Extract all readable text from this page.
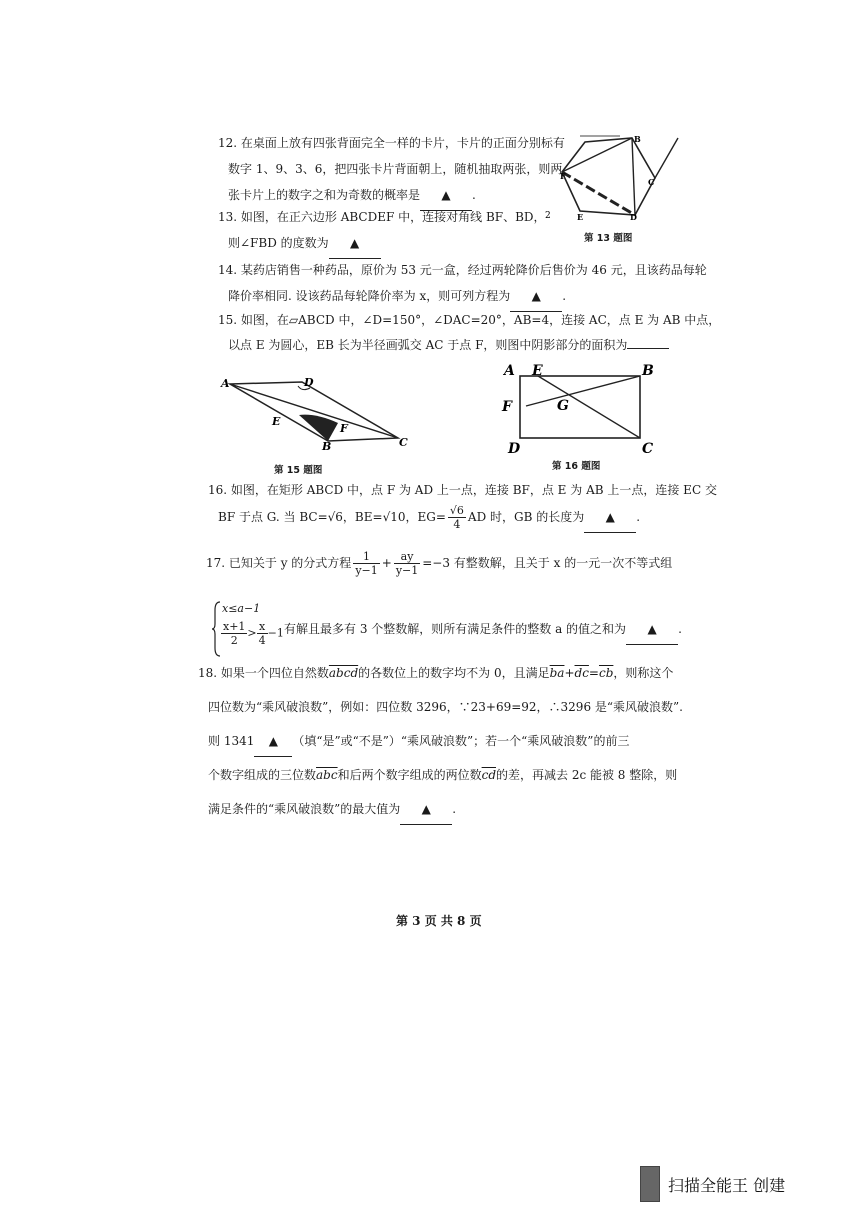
12. 在桌面上放有四张背面完全一样的卡片，卡片的正面分别标有
数字 1、9、3、6，把四张卡片背面朝上，随机抽取两张，则两
张卡片上的数字之和为奇数的概率是 ▲ .
B
F
C
E	D
2
第 13 题图
13. 如图，在正六边形 ABCDEF 中，连接对角线 BF、BD，
则∠FBD 的度数为 ▲
14. 某药店销售一种药品，原价为 53 元一盒，经过两轮降价后售价为 46 元，且该药品每轮
降价率相同. 设该药品每轮降价率为 x，则可列方程为 ▲ .
15. 如图，在▱ABCD 中，∠D=150°，∠DAC=20°，AB=4，连接 AC，点 E 为 AB 中点，
以点 E 为圆心，EB 长为半径画弧交 AC 于点 F，则图中阴影部分的面积为
A	D
E
F
B	C
第 15 题图
A E	B
F	G
D	C
第 16 题图
16. 如图，在矩形 ABCD 中，点 F 为 AD 上一点，连接 BF，点 E 为 AB 上一点，连接 EC 交
BF 于点 G. 当 BC=√6，BE=√10，$EG= \frac{√6}{4}$ AD 时，GB 的长度为 ▲ .
17. 已知关于 y 的分式方程 $\frac{1}{y-1} + \frac{ay}{y-1} =-3$ 有整数解，且关于 x 的一元一次不等式组
x≤a−1
$\frac{x+1}{2} > \frac{x}{4} -1$ 有解且最多有 3 个整数解，则所有满足条件的整数 a 的值之和为 ▲ .
18. 如果一个四位自然数abcd的各数位上的数字均不为 0，且满足$\overline{ba}+\overline{dc}=\overline{cb}$，则称这个
四位数为“乘风破浪数”，例如：四位数 3296，∵23+69=92，∴3296 是“乘风破浪数”.
则 1341 ▲ （填“是”或“不是”）“乘风破浪数”；若一个“乘风破浪数”的前三
个数字组成的三位数$\overline{abc}$和后两个数字组成的两位数$\overline{cd}$的差，再减去 2c 能被 8 整除，则
满足条件的“乘风破浪数”的最大值为 ▲ .
第 3 页 共 8 页
扫描全能王 创建
